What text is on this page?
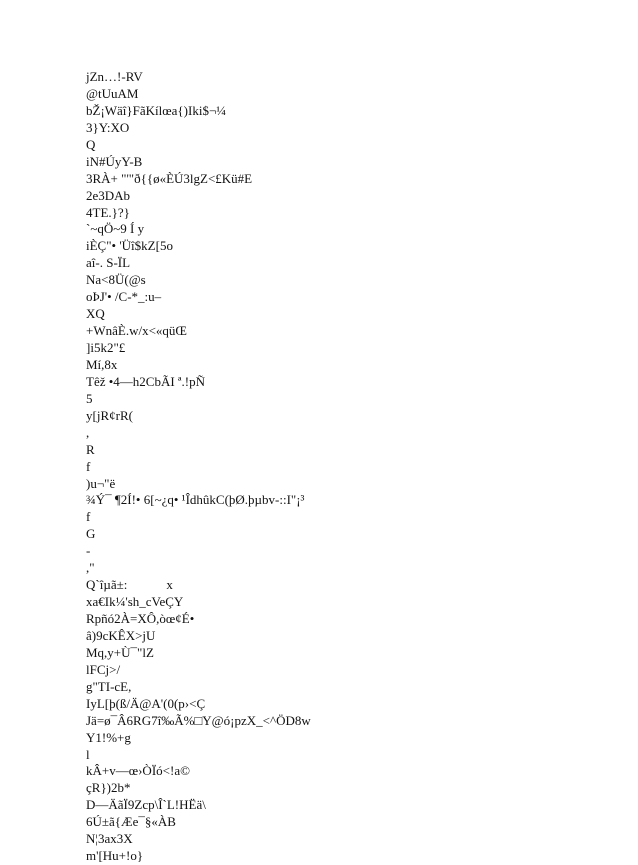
jZn…!-RV
@tUuAM
bŽ¡Wäî}FãKílœa{)Iki$¬¼
3}Y:XO
Q
iN#ÚyY-B
3RÀ+ "'"ð{{ø«ÈÚ3lgZ<£Kü#E
2e3DAb
4TE.}?}
`~qÖ~9 Í y
iÈÇ"• 'Üî$kZ[5o
aî-. S-ÏL
Na<8Ü(@s
oÞJ'• /C-*_:u–
XQ
+WnâÈ.w/x<«qüŒ
]i5k2"£
Mí,8x
Têž •4—h2CbÃI ª.!pÑ
5
y[jR¢rR(
,
R
f
)u¬"ë
¾Ý¯ ¶2Í!• 6[~¿q• ¹ÎdhûkC(þØ.þµbv-::I"¡³
f
G
-
,"
Q`îµã±:            x
xa€Ik¼'sh_cVeÇY
Rpñó2À=XÔ,òœ¢É•
â)9cKÊX>jU
Mq,y+Ù¯"lZ
lFCj>/
g"TI-cE,
IyL[þ(ß/Ä@A'(0(p›<Ç
Jä=ø¯Â6RG7î‰Ã%□Y@ó¡pzX_<^ÖD8w
Y1!%+g
l
kÂ+v—œ›ÒÏó<!a©
çR})2b*
D—ÄãÏ9Zcp\Î`L!HËä\
6Ú±ã{Æe¯§«ÀB
N¦3ax3X
m'[Hu+!o}
